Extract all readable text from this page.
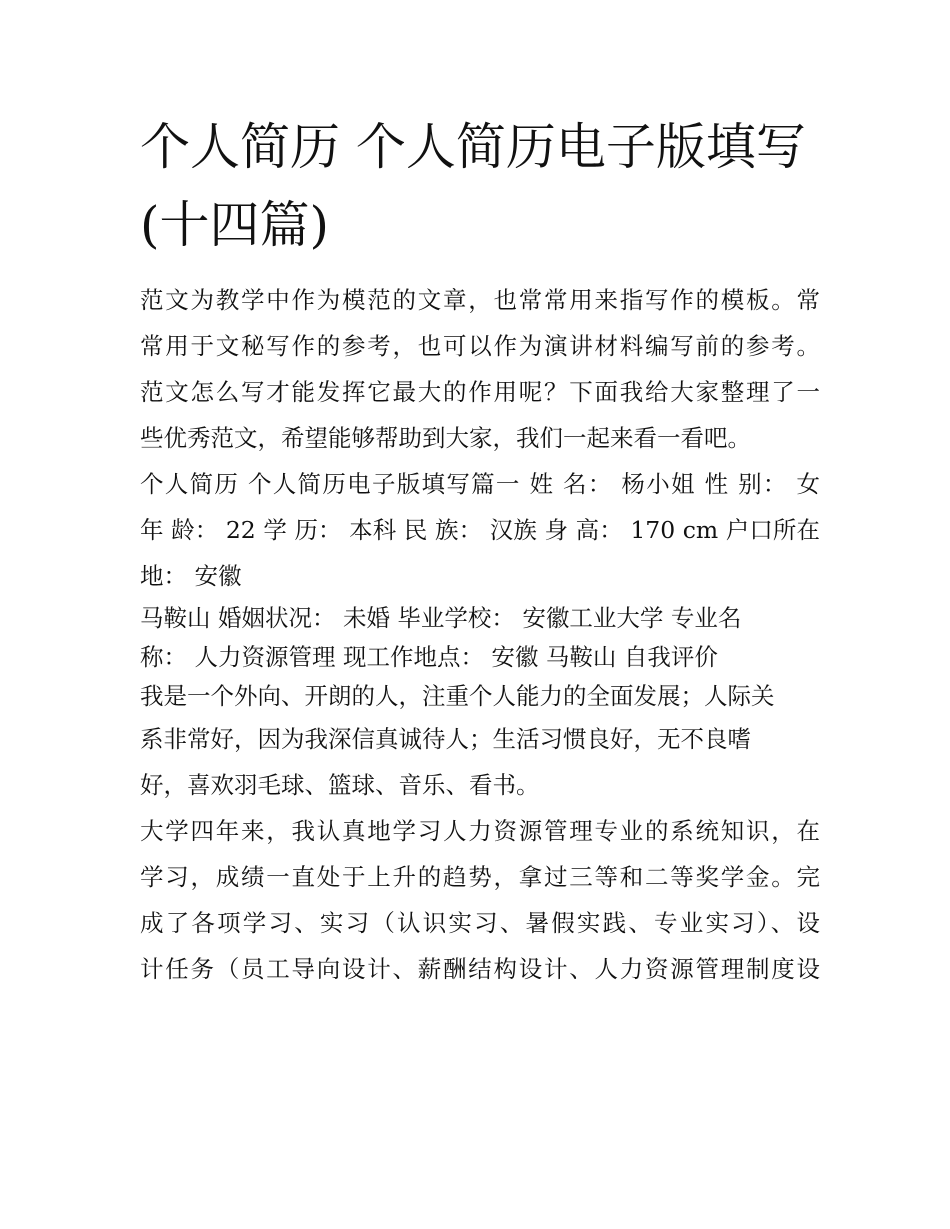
个人简历 个人简历电子版填写
(十四篇)
范文为教学中作为模范的文章，也常常用来指写作的模板。常
常用于文秘写作的参考，也可以作为演讲材料编写前的参考。
范文怎么写才能发挥它最大的作用呢？下面我给大家整理了一
些优秀范文，希望能够帮助到大家，我们一起来看一看吧。
个人简历 个人简历电子版填写篇一 姓 名： 杨小姐 性 别： 女
年 龄： 22 学 历： 本科 民 族： 汉族 身 高： 170 cm 户口所在
地： 安徽
马鞍山 婚姻状况： 未婚 毕业学校： 安徽工业大学 专业名
称： 人力资源管理 现工作地点： 安徽 马鞍山 自我评价
我是一个外向、开朗的人，注重个人能力的全面发展；人际关
系非常好，因为我深信真诚待人；生活习惯良好，无不良嗜
好，喜欢羽毛球、篮球、音乐、看书。
大学四年来，我认真地学习人力资源管理专业的系统知识，在
学习，成绩一直处于上升的趋势，拿过三等和二等奖学金。完
成了各项学习、实习（认识实习、暑假实践、专业实习）、设
计任务（员工导向设计、薪酬结构设计、人力资源管理制度设
